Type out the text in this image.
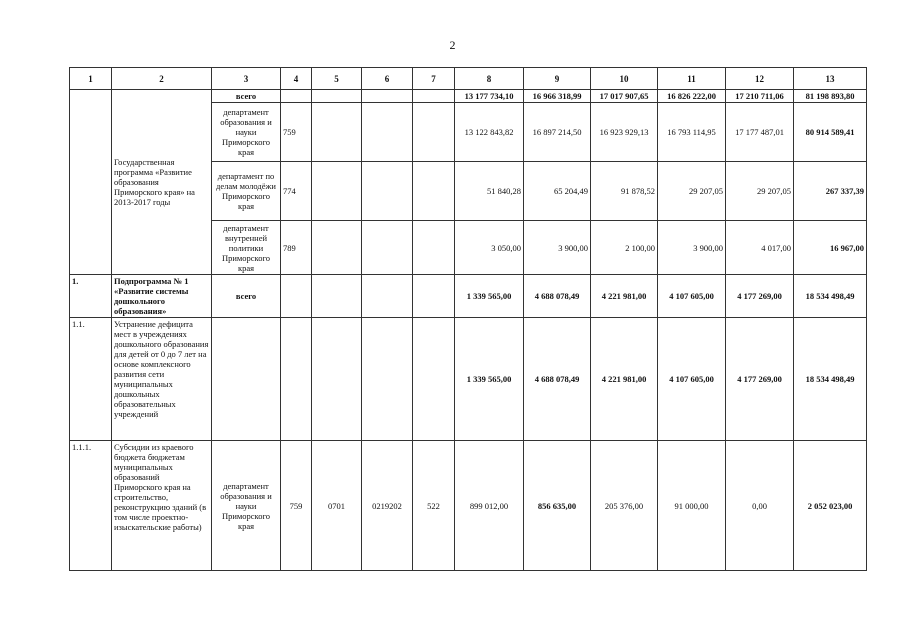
2
1	2	3	4	5	6	7	8	9	10	11	12	13
	Государственная программа «Развитие образования Приморского края» на 2013-2017 годы	всего					13 177 734,10	16 966 318,99	17 017 907,65	16 826 222,00	17 210 711,06	81 198 893,80
		департамент образования и науки Приморского края	759				13 122 843,82	16 897 214,50	16 923 929,13	16 793 114,95	17 177 487,01	80 914 589,41
		департамент по делам молодёжи Приморского края	774				51 840,28	65 204,49	91 878,52	29 207,05	29 207,05	267 337,39
		департамент внутренней политики Приморского края	789				3 050,00	3 900,00	2 100,00	3 900,00	4 017,00	16 967,00
1.	Подпрограмма № 1 «Развитие системы дошкольного образования»	всего					1 339 565,00	4 688 078,49	4 221 981,00	4 107 605,00	4 177 269,00	18 534 498,49
1.1.	Устранение дефицита мест в учреждениях дошкольного образования для детей от 0 до 7 лет на основе комплексного развития сети муниципальных дошкольных образовательных учреждений						1 339 565,00	4 688 078,49	4 221 981,00	4 107 605,00	4 177 269,00	18 534 498,49
1.1.1.	Субсидии из краевого бюджета бюджетам муниципальных образований Приморского края на строительство, реконструкцию зданий (в том числе проектно-изыскательские работы)	департамент образования и науки Приморского края	759	0701	0219202	522	899 012,00	856 635,00	205 376,00	91 000,00	0,00	2 052 023,00
